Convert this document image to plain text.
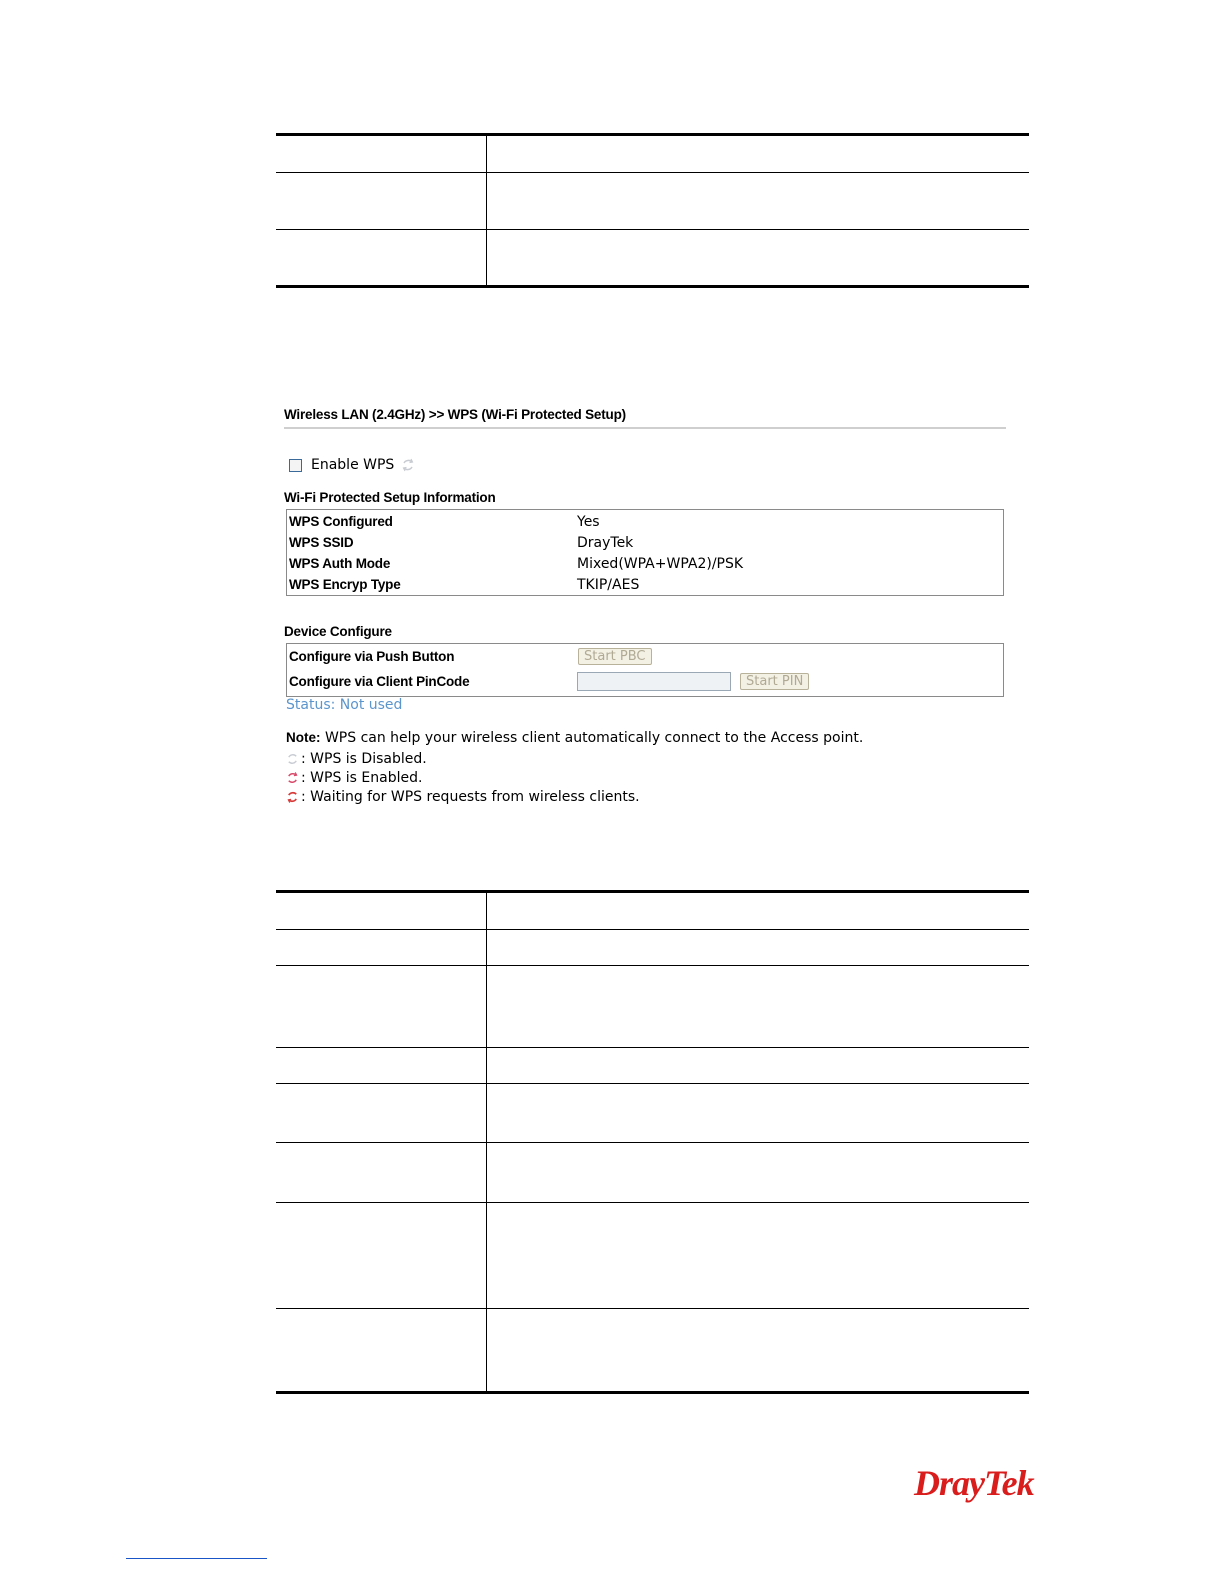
Wireless LAN (2.4GHz) >> WPS (Wi-Fi Protected Setup)
Enable WPS
Wi-Fi Protected Setup Information
WPS Configured	Yes
WPS SSID	DrayTek
WPS Auth Mode	Mixed(WPA+WPA2)/PSK
WPS Encryp Type	TKIP/AES
Device Configure
Configure via Push Button	Start PBC
Configure via Client PinCode	Start PIN
Status: Not used
Note: WPS can help your wireless client automatically connect to the Access point.
: WPS is Disabled.
: WPS is Enabled.
: Waiting for WPS requests from wireless clients.
DrayTek
